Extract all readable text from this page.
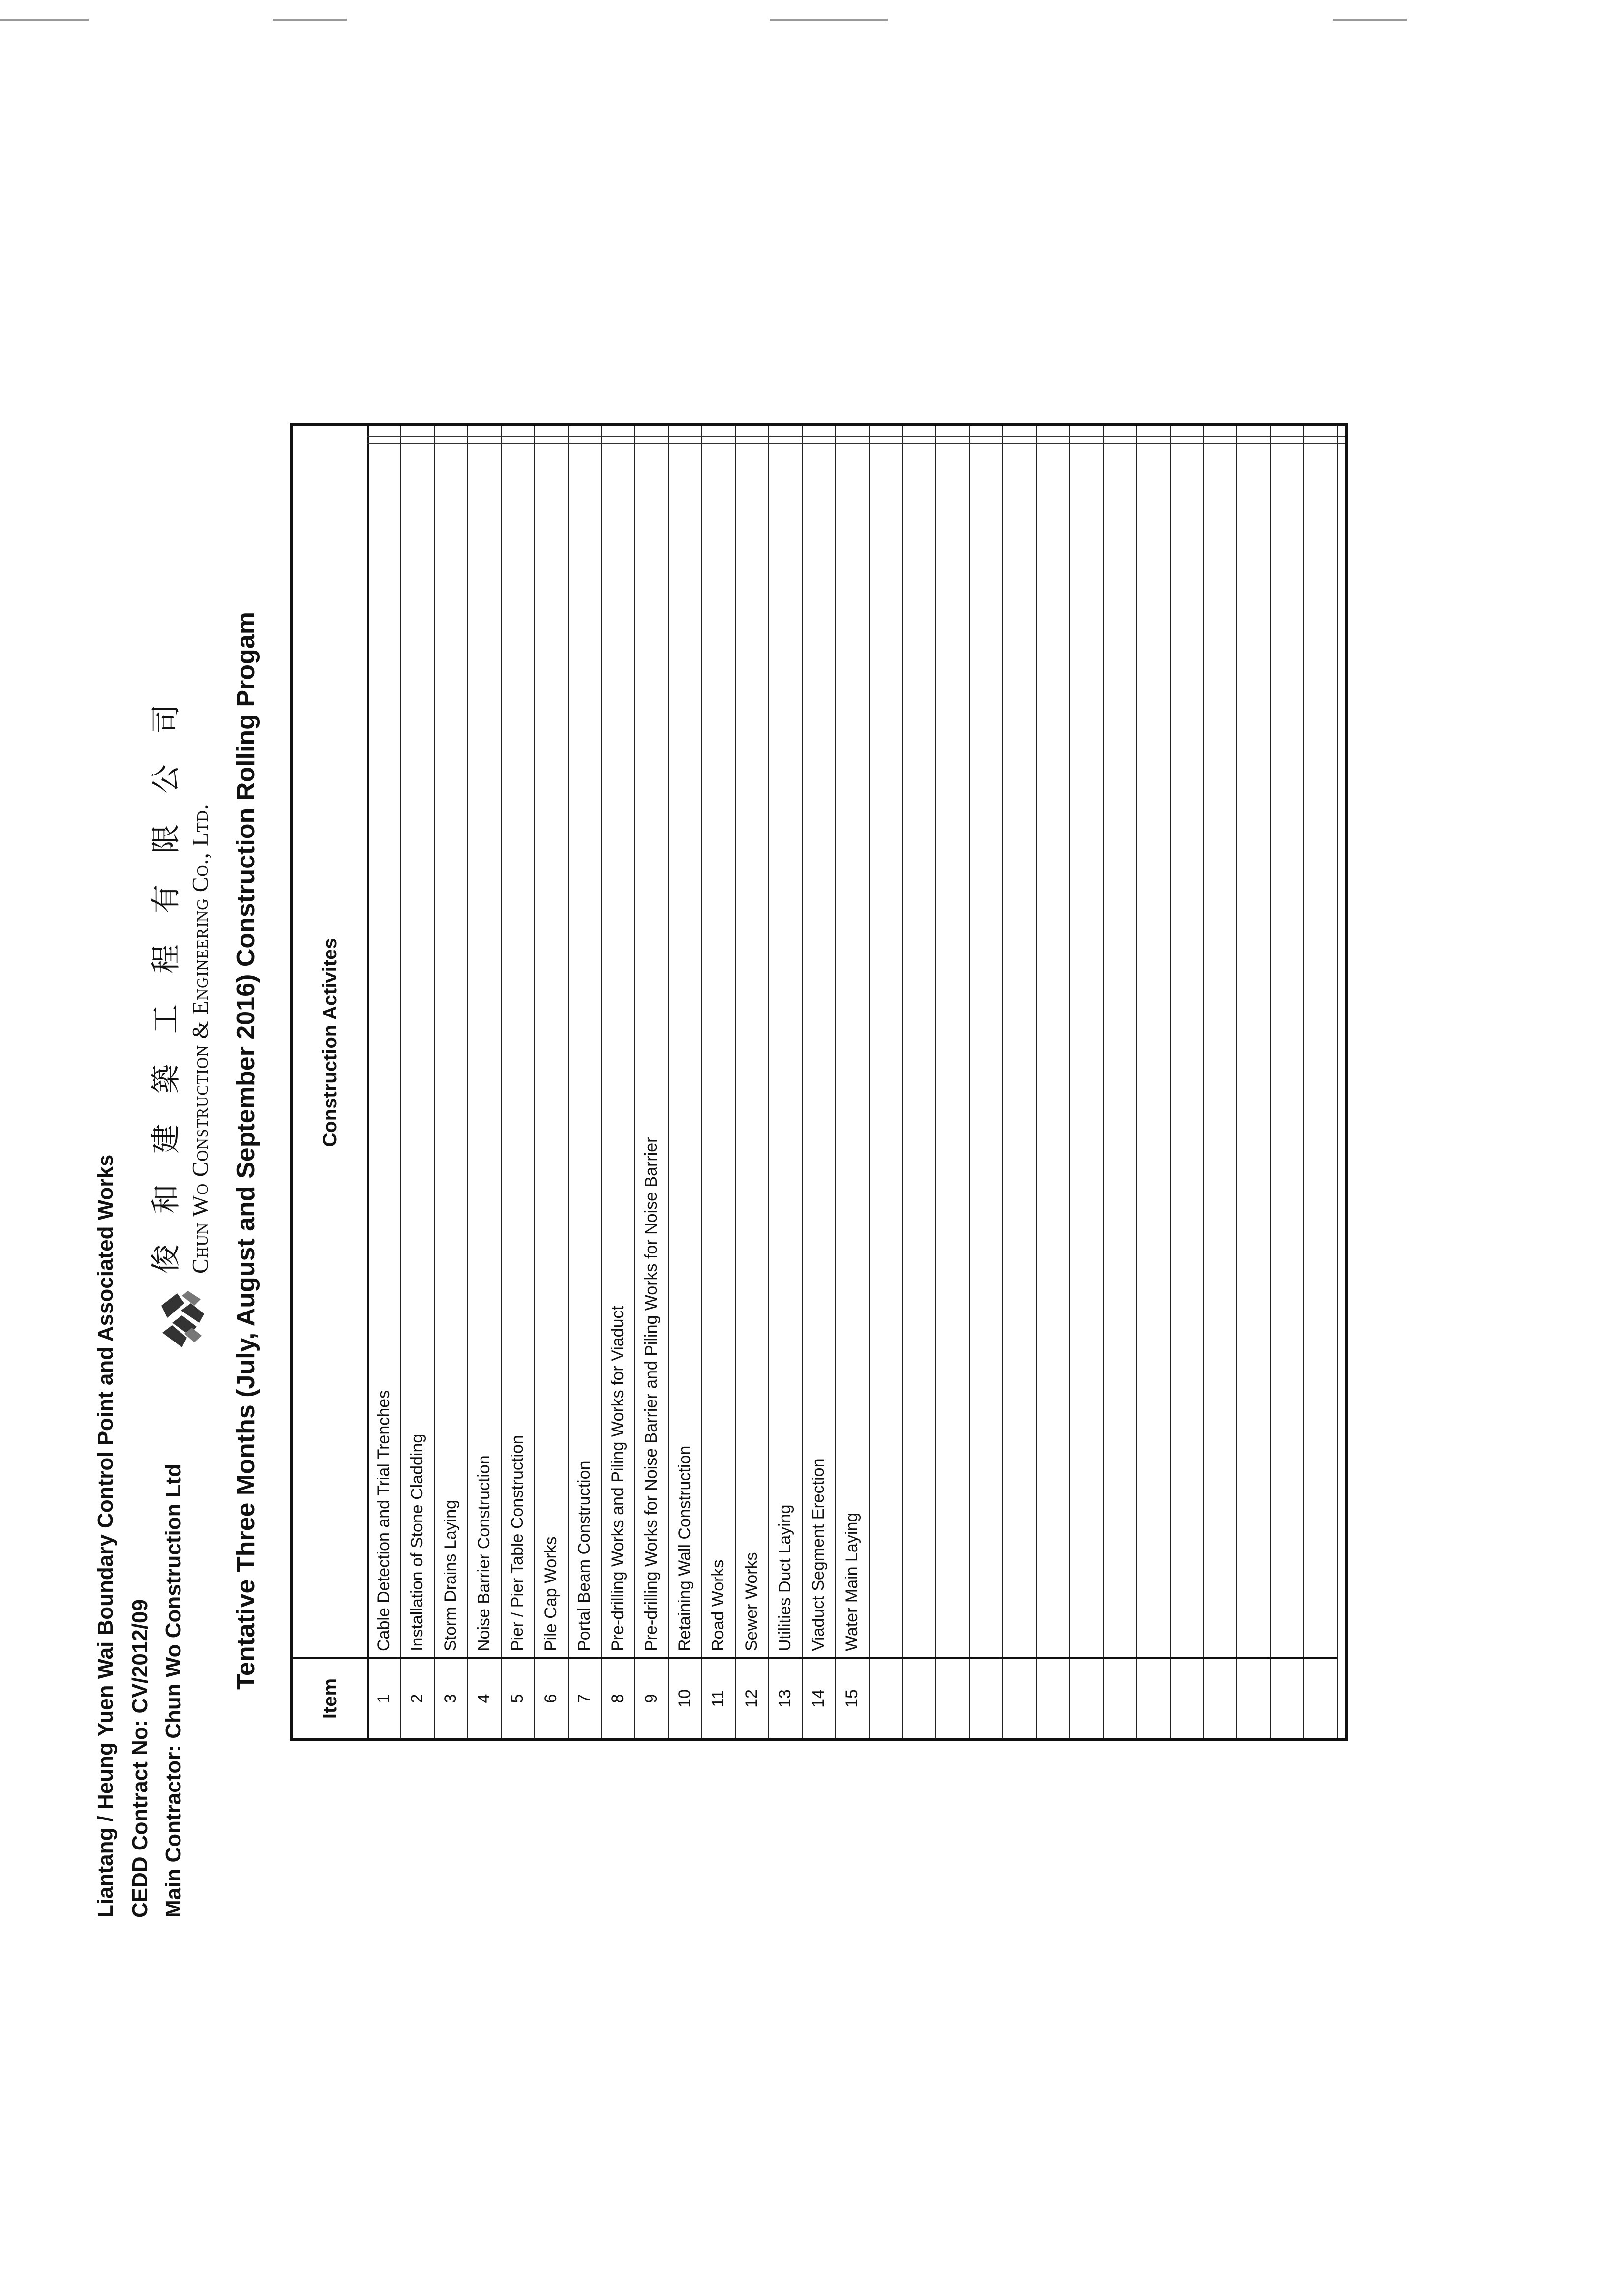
Liantang / Heung Yuen Wai Boundary Control Point and Associated Works CEDD Contract No: CV/2012/09 Main Contractor: Chun Wo Construction Ltd
俊和建築工程有限公司 Chun Wo Construction & Engineering Co., Ltd. Tentative Three Months (July, August and September 2016) Construction Rolling Progam
Item
Construction Activites
1
Cable Detection and Trial Trenches
2
Installation of Stone Cladding
3
Storm Drains Laying
4
Noise Barrier Construction
5
Pier / Pier Table Construction
6
Pile Cap Works
7
Portal Beam Construction
8
Pre-drilling Works and Piling Works for Viaduct
9
Pre-drilling Works for Noise Barrier and Piling Works for Noise Barrier
10
Retaining Wall Construction
11
Road Works
12
Sewer Works
13
Utilities Duct Laying
14
Viaduct Segment Erection
15
Water Main Laying
